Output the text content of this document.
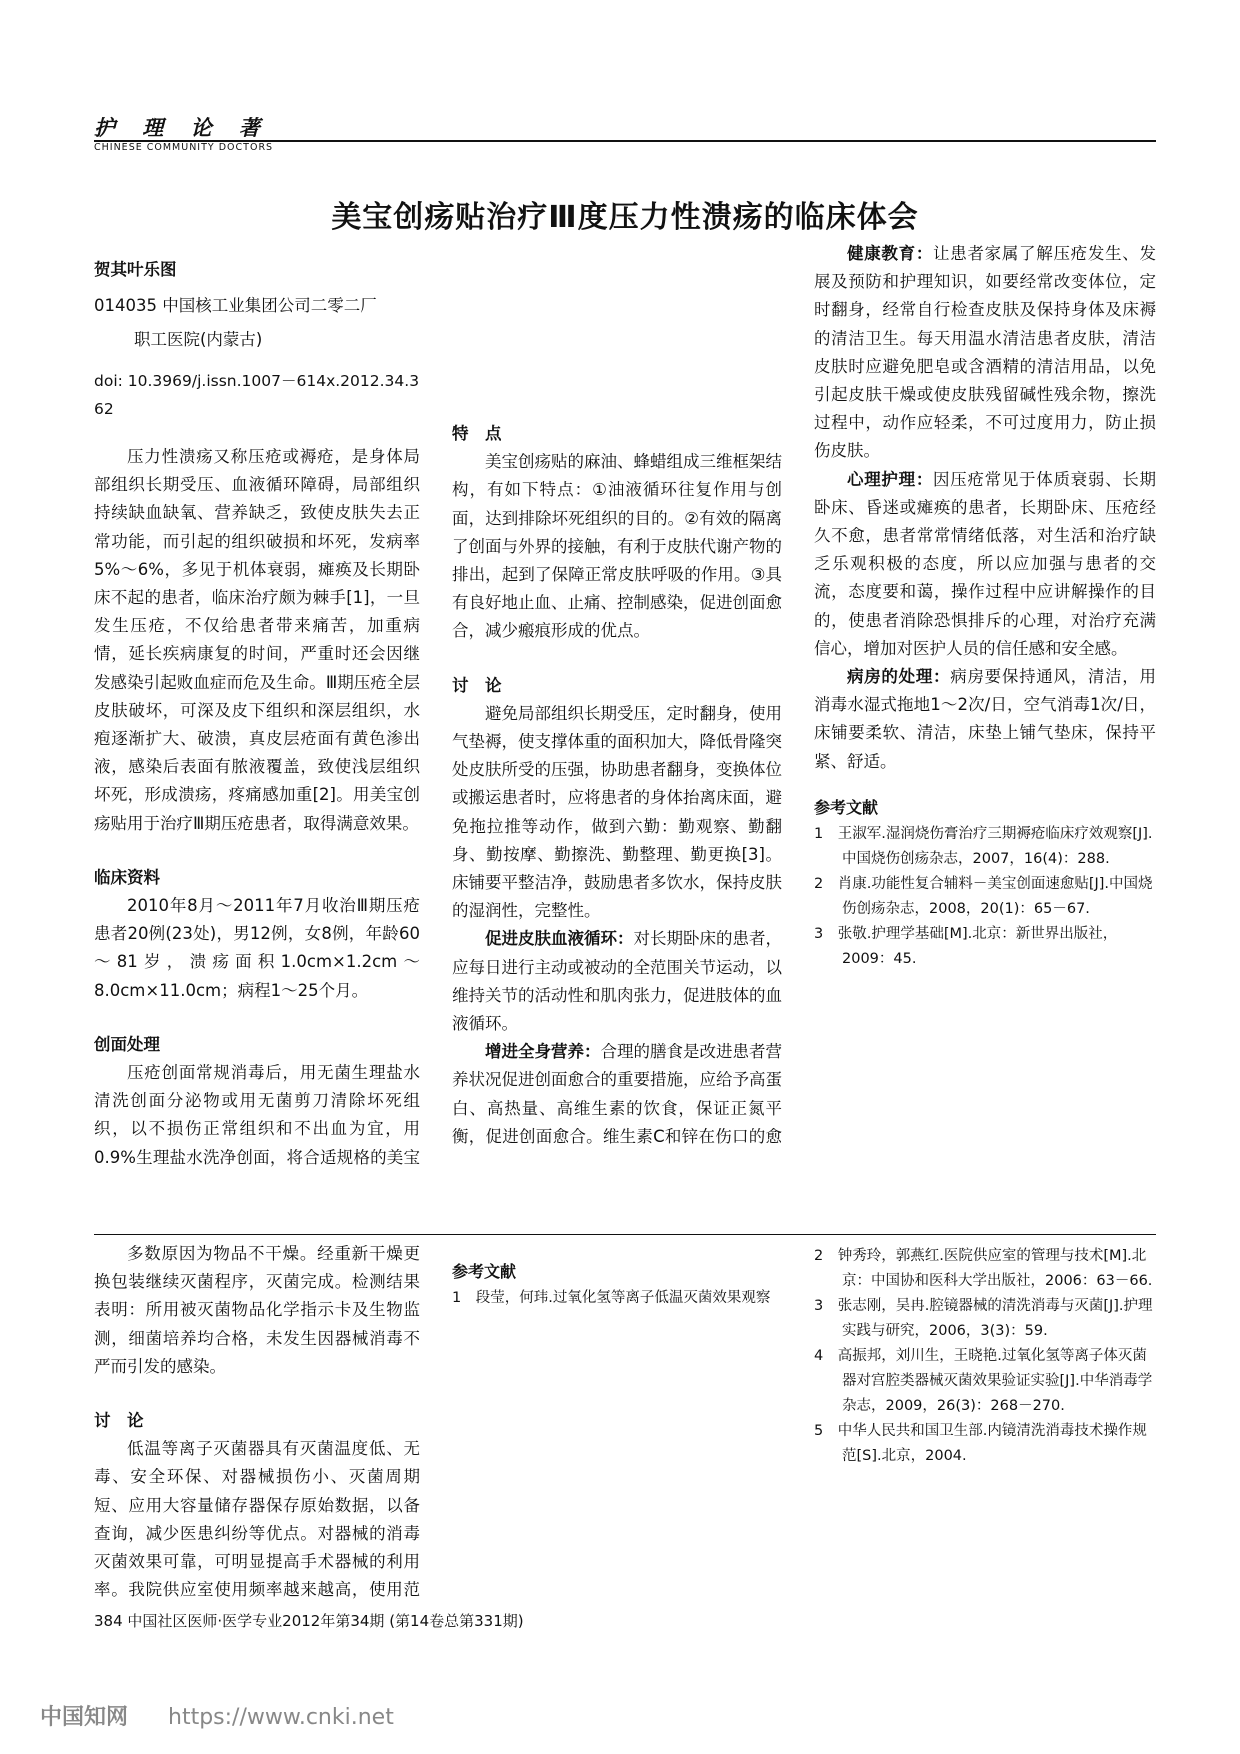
护 理 论 著
CHINESE COMMUNITY DOCTORS
美宝创疡贴治疗Ⅲ度压力性溃疡的临床体会

贺其叶乐图

014035 中国核工业集团公司二零二厂

职工医院(内蒙古)

doi: 10.3969/j.issn.1007－614x.2012.34.362

压力性溃疡又称压疮或褥疮，是身体局部组织长期受压、血液循环障碍，局部组织持续缺血缺氧、营养缺乏，致使皮肤失去正常功能，而引起的组织破损和坏死，发病率5%～6%，多见于机体衰弱，瘫痪及长期卧床不起的患者，临床治疗颇为棘手[1]，一旦发生压疮，不仅给患者带来痛苦，加重病情，延长疾病康复的时间，严重时还会因继发感染引起败血症而危及生命。Ⅲ期压疮全层皮肤破坏，可深及皮下组织和深层组织，水疱逐渐扩大、破溃，真皮层疮面有黄色渗出液，感染后表面有脓液覆盖，致使浅层组织坏死，形成溃疡，疼痛感加重[2]。用美宝创疡贴用于治疗Ⅲ期压疮患者，取得满意效果。

临床资料

2010年8月～2011年7月收治Ⅲ期压疮患者20例(23处)，男12例，女8例，年龄60～81岁，溃疡面积1.0cm×1.2cm～8.0cm×11.0cm；病程1～25个月。

创面处理

压疮创面常规消毒后，用无菌生理盐水清洗创面分泌物或用无菌剪刀清除坏死组织，以不损伤正常组织和不出血为宜，用0.9%生理盐水洗净创面，将合适规格的美宝

特　点

美宝创疡贴的麻油、蜂蜡组成三维框架结构，有如下特点：①油液循环往复作用与创面，达到排除坏死组织的目的。②有效的隔离了创面与外界的接触，有利于皮肤代谢产物的排出，起到了保障正常皮肤呼吸的作用。③具有良好地止血、止痛、控制感染，促进创面愈合，减少瘢痕形成的优点。

讨　论

避免局部组织长期受压，定时翻身，使用气垫褥，使支撑体重的面积加大，降低骨隆突处皮肤所受的压强，协助患者翻身，变换体位或搬运患者时，应将患者的身体抬离床面，避免拖拉推等动作，做到六勤：勤观察、勤翻身、勤按摩、勤擦洗、勤整理、勤更换[3]。床铺要平整洁净，鼓励患者多饮水，保持皮肤的湿润性，完整性。

促进皮肤血液循环：对长期卧床的患者，应每日进行主动或被动的全范围关节运动，以维持关节的活动性和肌肉张力，促进肢体的血液循环。

增进全身营养：合理的膳食是改进患者营养状况促进创面愈合的重要措施，应给予高蛋白、高热量、高维生素的饮食，保证正氮平衡，促进创面愈合。维生素C和锌在伤口的愈

健康教育：让患者家属了解压疮发生、发展及预防和护理知识，如要经常改变体位，定时翻身，经常自行检查皮肤及保持身体及床褥的清洁卫生。每天用温水清洁患者皮肤，清洁皮肤时应避免肥皂或含酒精的清洁用品，以免引起皮肤干燥或使皮肤残留碱性残余物，擦洗过程中，动作应轻柔，不可过度用力，防止损伤皮肤。

心理护理：因压疮常见于体质衰弱、长期卧床、昏迷或瘫痪的患者，长期卧床、压疮经久不愈，患者常常情绪低落，对生活和治疗缺乏乐观积极的态度，所以应加强与患者的交流，态度要和蔼，操作过程中应讲解操作的目的，使患者消除恐惧排斥的心理，对治疗充满信心，增加对医护人员的信任感和安全感。

病房的处理：病房要保持通风，清洁，用消毒水湿式拖地1～2次/日，空气消毒1次/日，床铺要柔软、清洁，床垫上铺气垫床，保持平紧、舒适。

参考文献

1　王淑军.湿润烧伤膏治疗三期褥疮临床疗效观察[J].中国烧伤创疡杂志，2007，16(4)：288.

2　肖康.功能性复合辅料－美宝创面速愈贴[J].中国烧伤创疡杂志，2008，20(1)：65－67.

3　张敬.护理学基础[M].北京：新世界出版社，2009：45.

多数原因为物品不干燥。经重新干燥更换包装继续灭菌程序，灭菌完成。检测结果表明：所用被灭菌物品化学指示卡及生物监测，细菌培养均合格，未发生因器械消毒不严而引发的感染。

讨　论

低温等离子灭菌器具有灭菌温度低、无毒、安全环保、对器械损伤小、灭菌周期短、应用大容量储存器保存原始数据，以备查询，减少医患纠纷等优点。对器械的消毒灭菌效果可靠，可明显提高手术器械的利用率。我院供应室使用频率越来越高，使用范

参考文献

1　段莹，何玮.过氧化氢等离子低温灭菌效果观察

2　钟秀玲，郭燕红.医院供应室的管理与技术[M].北京：中国协和医科大学出版社，2006：63－66.

3　张志刚，吴冉.腔镜器械的清洗消毒与灭菌[J].护理实践与研究，2006，3(3)：59.

4　高振邦，刘川生，王晓艳.过氧化氢等离子体灭菌器对宫腔类器械灭菌效果验证实验[J].中华消毒学杂志，2009，26(3)：268－270.

5　中华人民共和国卫生部.内镜清洗消毒技术操作规范[S].北京，2004.

384 中国社区医师·医学专业2012年第34期 (第14卷总第331期)
中国知网 https://www.cnki.net
